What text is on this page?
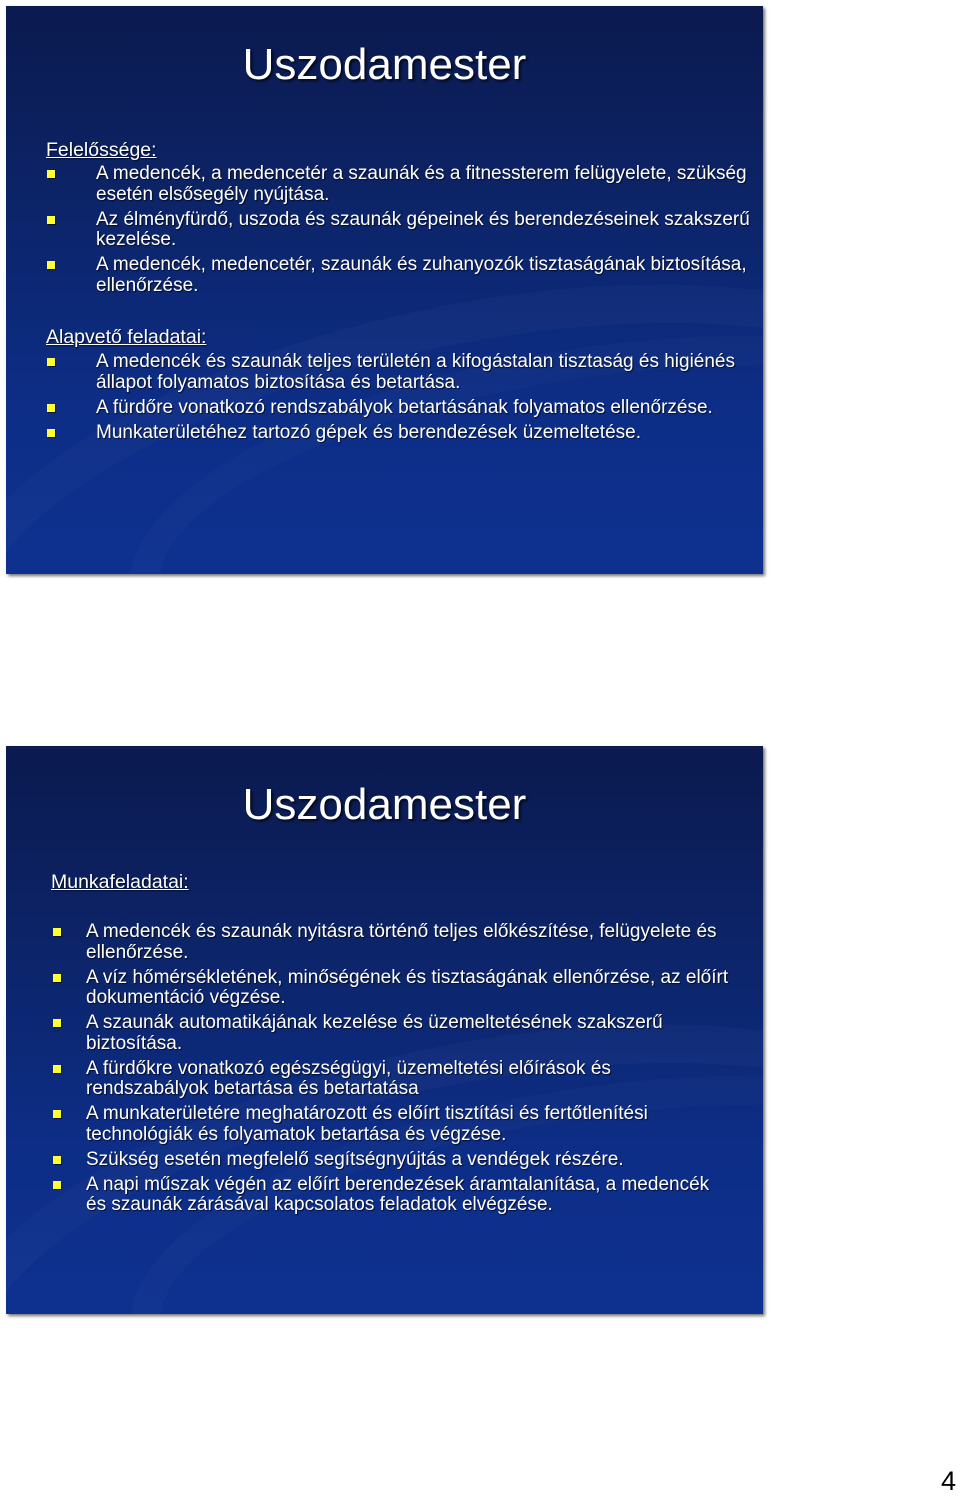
Uszodamester
Felelőssége:
A medencék, a medencetér a szaunák és a fitnessterem felügyelete, szükség esetén elsősegély nyújtása.
Az élményfürdő, uszoda és szaunák gépeinek és berendezéseinek szakszerű kezelése.
A medencék, medencetér, szaunák és zuhanyozók tisztaságának biztosítása, ellenőrzése.
Alapvető feladatai:
A medencék és szaunák teljes területén a kifogástalan tisztaság és higiénés állapot folyamatos biztosítása és betartása.
A fürdőre vonatkozó rendszabályok betartásának folyamatos ellenőrzése.
Munkaterületéhez tartozó gépek és berendezések üzemeltetése.
Uszodamester
Munkafeladatai:
A medencék és szaunák nyitásra történő teljes előkészítése, felügyelete és ellenőrzése.
A víz hőmérsékletének, minőségének és tisztaságának ellenőrzése, az előírt dokumentáció végzése.
A szaunák automatikájának kezelése és üzemeltetésének szakszerű biztosítása.
A fürdőkre vonatkozó egészségügyi, üzemeltetési előírások és rendszabályok betartása és betartatása
A munkaterületére meghatározott és előírt tisztítási és fertőtlenítési technológiák és folyamatok betartása és végzése.
Szükség esetén megfelelő segítségnyújtás a vendégek részére.
A napi műszak végén az előírt berendezések áramtalanítása, a medencék és szaunák zárásával kapcsolatos feladatok elvégzése.
4
